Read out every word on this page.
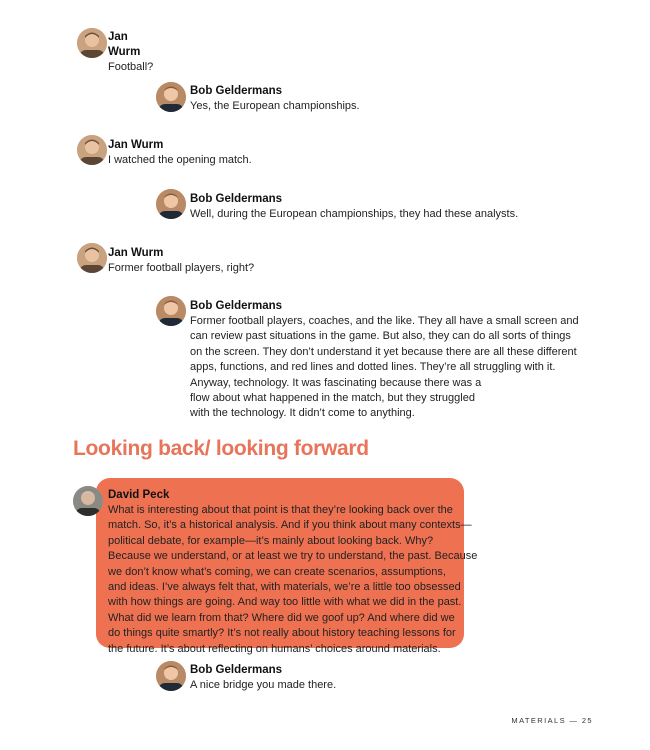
Jan Wurm
Football?
Bob Geldermans
Yes, the European championships.
Jan Wurm
I watched the opening match.
Bob Geldermans
Well, during the European championships, they had these analysts.
Jan Wurm
Former football players, right?
Bob Geldermans
Former football players, coaches, and the like. They all have a small screen and
can review past situations in the game. But also, they can do all sorts of things
on the screen. They don’t understand it yet because there are all these different
apps, functions, and red lines and dotted lines. They’re all struggling with it.
Anyway, technology. It was fascinating because there was a
flow about what happened in the match, but they struggled
with the technology. It didn’t come to anything.
Looking back/ looking forward
David Peck
What is interesting about that point is that they’re looking back over the
match. So, it’s a historical analysis. And if you think about many contexts—
political debate, for example—it’s mainly about looking back. Why?
Because we understand, or at least we try to understand, the past. Because
we don’t know what’s coming, we can create scenarios, assumptions,
and ideas. I’ve always felt that, with materials, we’re a little too obsessed
with how things are going. And way too little with what we did in the past.
What did we learn from that? Where did we goof up? And where did we
do things quite smartly? It’s not really about history teaching lessons for
the future. It’s about reflecting on humans’ choices around materials.
Bob Geldermans
A nice bridge you made there.
MATERIALS — 25
